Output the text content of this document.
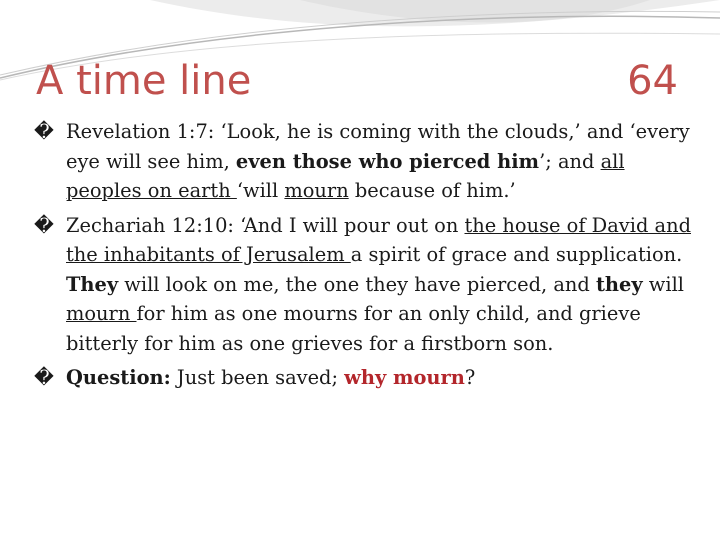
A time line	64

� Revelation 1:7: ‘Look, he is coming with the clouds,’ and ‘every eye will see him, even those who pierced him’; and all peoples on earth ‘will mourn because of him.’

� Zechariah 12:10: ‘And I will pour out on the house of David and the inhabitants of Jerusalem a spirit of grace and supplication. They will look on me, the one they have pierced, and they will mourn for him as one mourns for an only child, and grieve bitterly for him as one grieves for a firstborn son.

� Question: Just been saved; why mourn?
